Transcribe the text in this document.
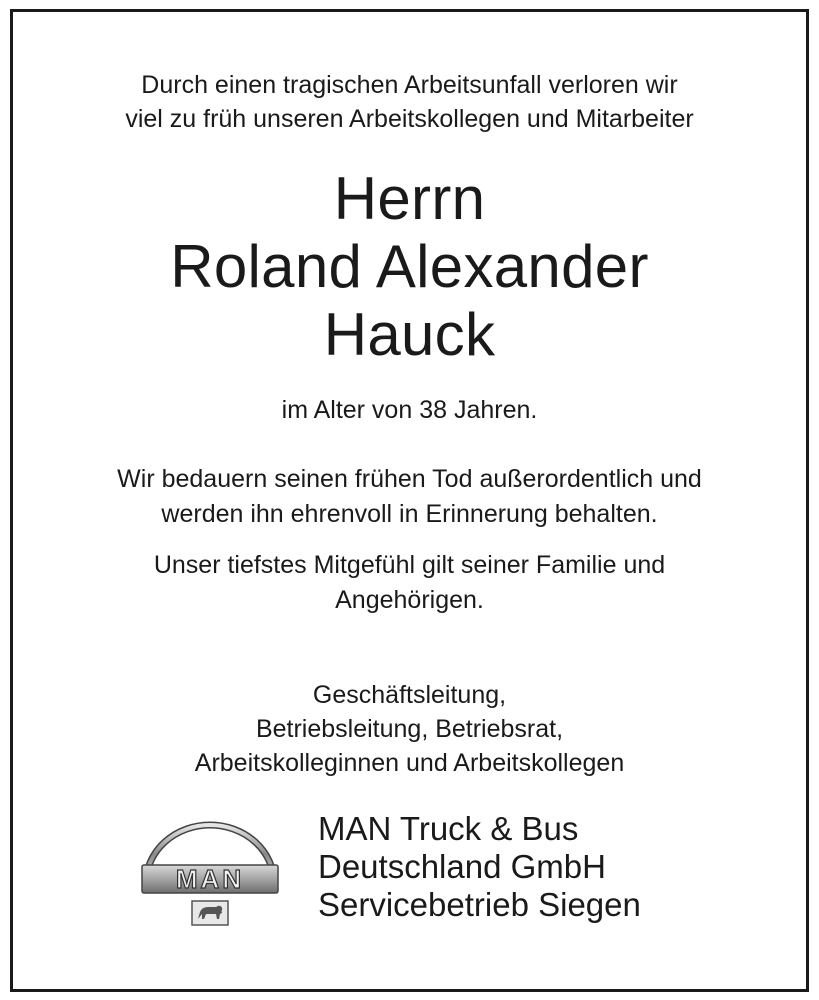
Durch einen tragischen Arbeitsunfall verloren wir
viel zu früh unseren Arbeitskollegen und Mitarbeiter
Herrn
Roland Alexander
Hauck
im Alter von 38 Jahren.
Wir bedauern seinen frühen Tod außerordentlich und
werden ihn ehrenvoll in Erinnerung behalten.
Unser tiefstes Mitgefühl gilt seiner Familie und
Angehörigen.
Geschäftsleitung,
Betriebsleitung, Betriebsrat,
Arbeitskolleginnen und Arbeitskollegen
MAN
MAN Truck & Bus
Deutschland GmbH
Servicebetrieb Siegen
